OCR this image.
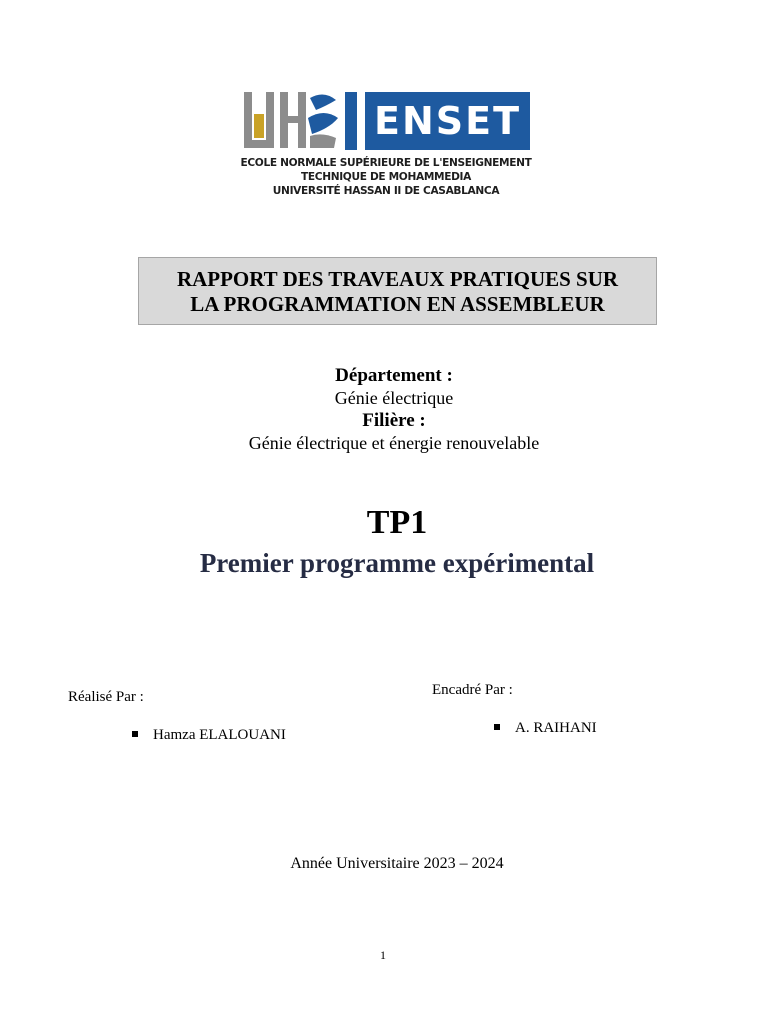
ENSET
ECOLE NORMALE SUPÉRIEURE DE L'ENSEIGNEMENT
TECHNIQUE DE MOHAMMEDIA
UNIVERSITÉ HASSAN II DE CASABLANCA
RAPPORT DES TRAVEAUX PRATIQUES SUR
LA PROGRAMMATION EN ASSEMBLEUR
Département :
Génie électrique
Filière :
Génie électrique et énergie renouvelable
TP1
Premier programme expérimental
Réalisé Par :
Hamza ELALOUANI
Encadré Par :
A. RAIHANI
Année Universitaire 2023 – 2024
1
